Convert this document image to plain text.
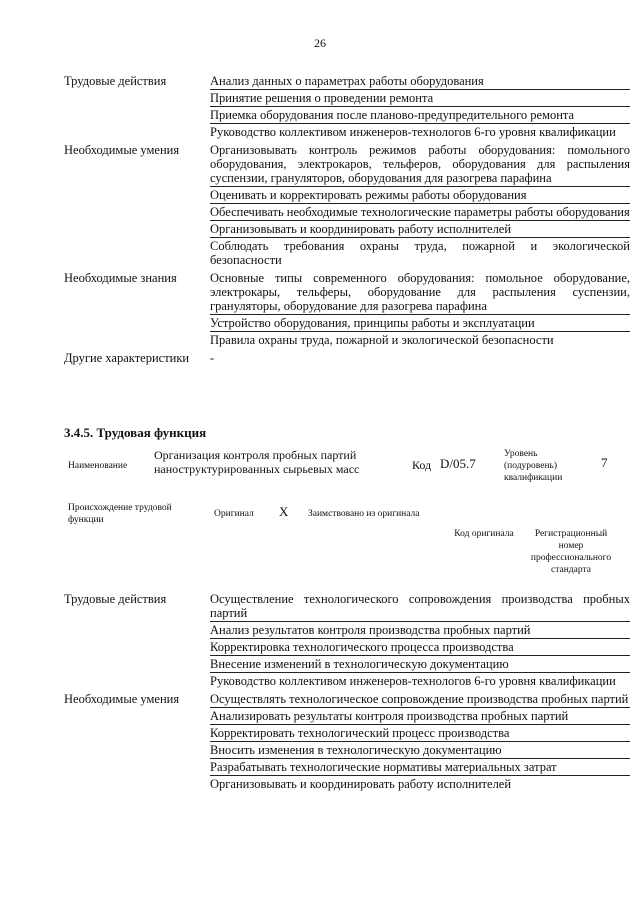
26
Трудовые действия	Анализ данных о параметрах работы оборудования
Принятие решения о проведении ремонта
Приемка оборудования после планово-предупредительного ремонта
Руководство коллективом инженеров-технологов 6-го уровня квалификации
Необходимые умения	Организовывать контроль режимов работы оборудования: помольного оборудования, электрокаров, тельферов, оборудования для распыления суспензии, грануляторов, оборудования для разогрева парафина
Оценивать и корректировать режимы работы оборудования
Обеспечивать необходимые технологические параметры работы оборудования
Организовывать и координировать работу исполнителей
Соблюдать требования охраны труда, пожарной и экологической безопасности
Необходимые знания	Основные типы современного оборудования: помольное оборудование, электрокары, тельферы, оборудование для распыления суспензии, грануляторы, оборудование для разогрева парафина
Устройство оборудования, принципы работы и эксплуатации
Правила охраны труда, пожарной и экологической безопасности
Другие характеристики	-
3.4.5. Трудовая функция
Наименование
Организация контроля пробных партий наноструктурированных сырьевых масс	Код D/05.7
Уровень (подуровень) квалификации
7
Происхождение трудовой функции
Оригинал X Заимствовано из оригинала
Код оригинала	Регистрационный номер профессионального стандарта
Трудовые действия	Осуществление технологического сопровождения производства пробных партий
Анализ результатов контроля производства пробных партий
Корректировка технологического процесса производства
Внесение изменений в технологическую документацию
Руководство коллективом инженеров-технологов 6-го уровня квалификации
Необходимые умения	Осуществлять технологическое сопровождение производства пробных партий
Анализировать результаты контроля производства пробных партий
Корректировать технологический процесс производства
Вносить изменения в технологическую документацию
Разрабатывать технологические нормативы материальных затрат
Организовывать и координировать работу исполнителей
